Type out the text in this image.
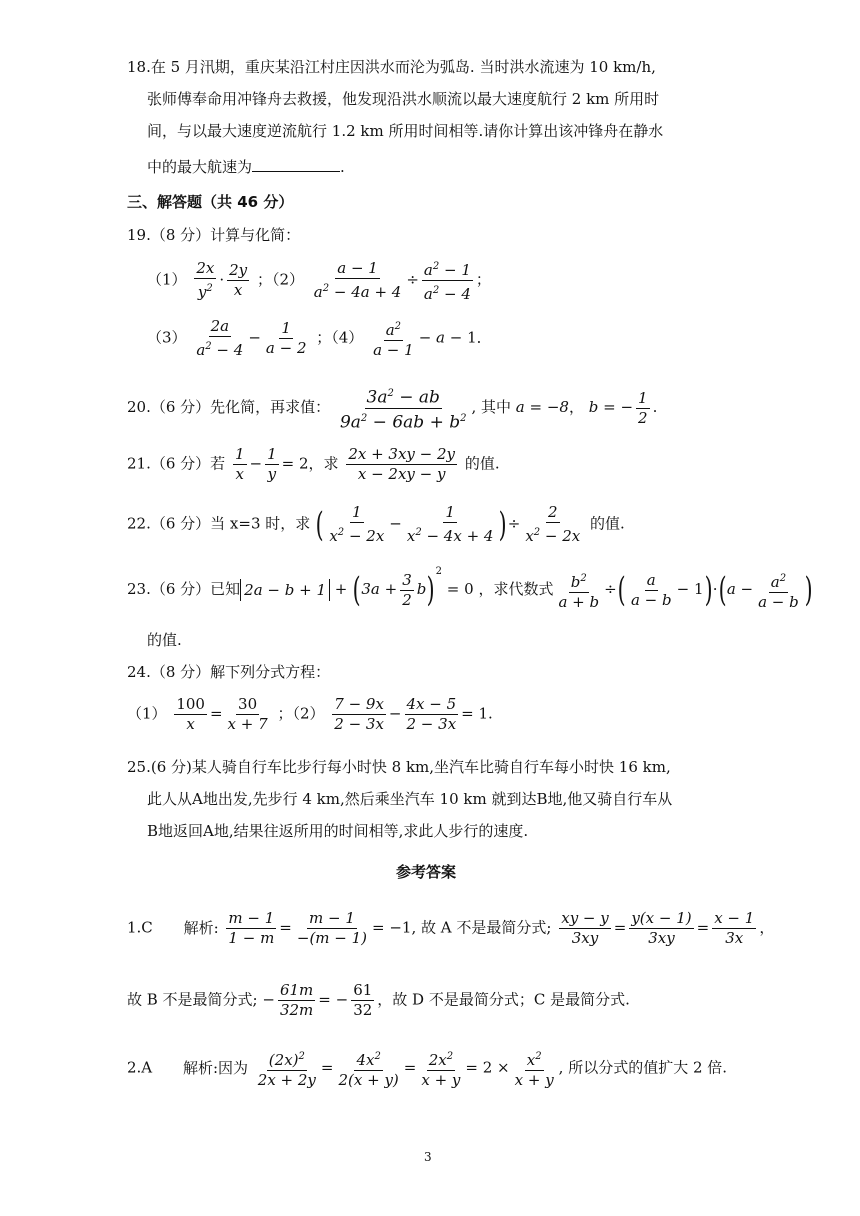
18.在 5 月汛期，重庆某沿江村庄因洪水而沦为弧岛. 当时洪水流速为 10 km/h,
张师傅奉命用冲锋舟去救援，他发现沿洪水顺流以最大速度航行 2 km 所用时
间，与以最大速度逆流航行 1.2 km 所用时间相等.请你计算出该冲锋舟在静水
中的最大航速为	.
三、解答题（共 46 分）
19.（8 分）计算与化简：
$(1) \frac{2x}{y^2} \cdot \frac{2y}{x}$ ；$(2) \frac{a - 1}{a^2 - 4a + 4} \div \frac{a^2 - 1}{a^2 - 4}$ ；
$(3) \frac{2a}{a^2 - 4} - \frac{1}{a - 2}$ ；$(4) \frac{a^2}{a - 1} - a - 1$．
20.（6 分）先化简，再求值： $\frac{3a^2 - ab}{9a^2 - 6ab + b^2}$ , 其中 a = −8， b = − $\frac{1}{2}$ .
21.（6 分）若 $\frac{1}{x} - \frac{1}{y} = 2$，求 $\frac{2x + 3xy - 2y}{x - 2xy - y}$ 的值.
22.（6 分）当 x=3 时，求 ( $\frac{1}{x^2 - 2x} - \frac{1}{x^2 - 4x + 4}$ )÷ $\frac{2}{x^2 - 2x}$ 的值.
23.（6 分）已知 $2a - b + 1 + (3a + \frac{3}{2} b)^2 = 0$ ，求代数式 $\frac{b^2}{a + b}$ ÷( $\frac{a}{a - b} - 1)\cdot(a - \frac{a^2}{a - b}$ )
的值.
24.（8 分）解下列分式方程：
$(1) \frac{100}{x} = \frac{30}{x + 7}$ ；$(2) \frac{7 - 9x}{2 - 3x} - \frac{4x - 5}{2 - 3x} = 1$.
25.(6 分)某人骑自行车比步行每小时快 8 km,坐汽车比骑自行车每小时快 16 km,
此人从A地出发,先步行 4 km,然后乘坐汽车 10 km 就到达B地,他又骑自行车从
B地返回A地,结果往返所用的时间相等,求此人步行的速度.
参考答案
1.C 解析: $\frac{m - 1}{1 - m} = \frac{m - 1}{-(m - 1)} = -1$, 故 A 不是最简分式; $\frac{xy - y}{3xy} = \frac{y(x - 1)}{3xy} = \frac{x - 1}{3x}$ ，
故 B 不是最简分式; − $\frac{61m}{32m}$ = − $\frac{61}{32}$ ，故 D 不是最简分式；C 是最简分式.
2.A 解析:因为 $\frac{(2x)^2}{2x + 2y} = \frac{4x^2}{2(x + y)} = \frac{2x^2}{x + y} = 2 \times \frac{x^2}{x + y}$ , 所以分式的值扩大 2 倍.
3
